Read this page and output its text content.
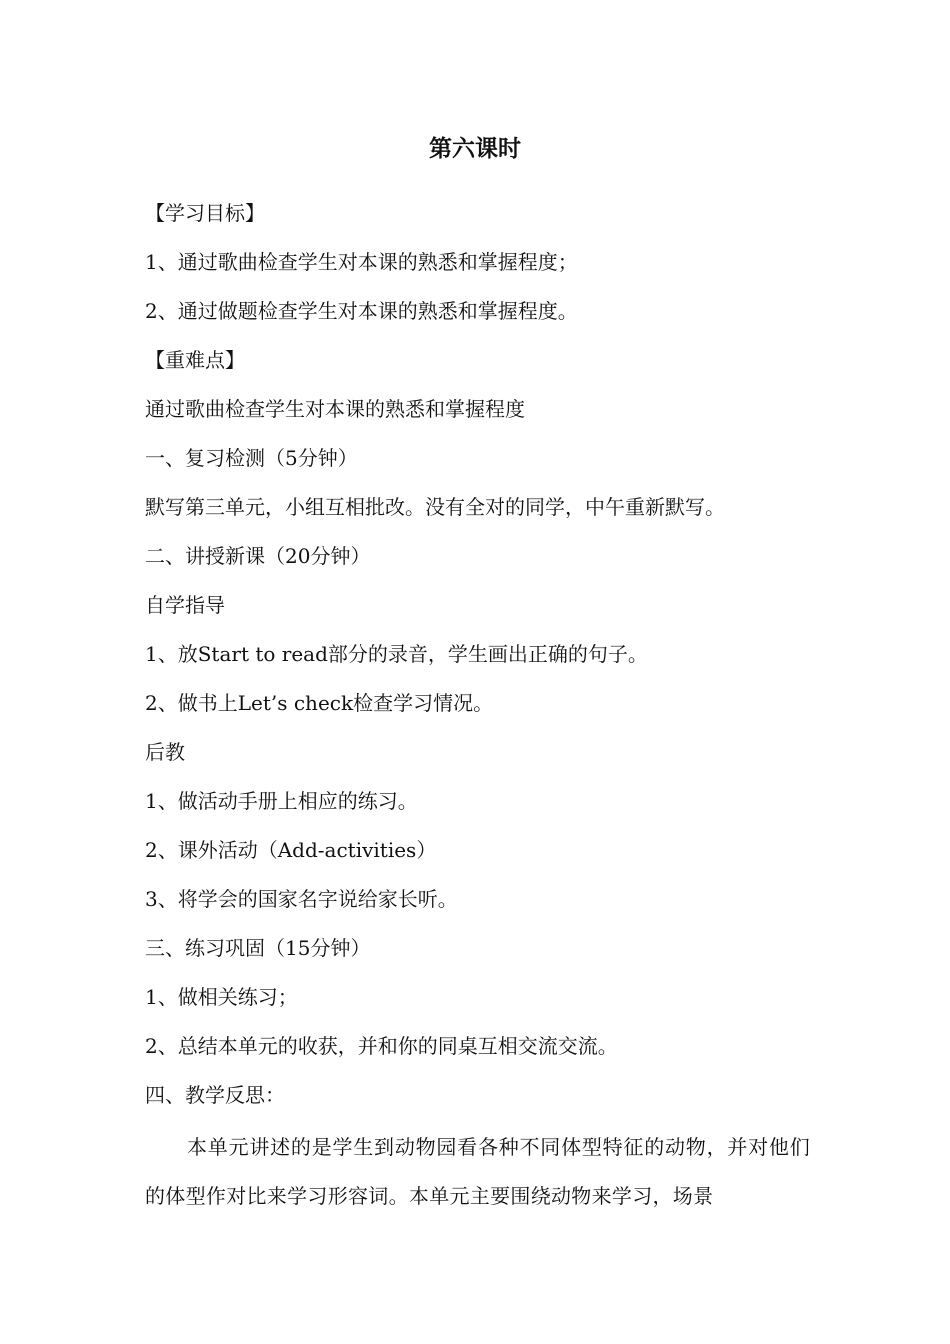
第六课时
【学习目标】
1、通过歌曲检查学生对本课的熟悉和掌握程度；
2、通过做题检查学生对本课的熟悉和掌握程度。
【重难点】
通过歌曲检查学生对本课的熟悉和掌握程度
一、复习检测（5分钟）
默写第三单元，小组互相批改。没有全对的同学，中午重新默写。
二、讲授新课（20分钟）
自学指导
1、放Start to read部分的录音，学生画出正确的句子。
2、做书上Let’s check检查学习情况。
后教
1、做活动手册上相应的练习。
2、课外活动（Add-activities）
3、将学会的国家名字说给家长听。
三、练习巩固（15分钟）
1、做相关练习；
2、总结本单元的收获，并和你的同桌互相交流交流。
四、教学反思：

本单元讲述的是学生到动物园看各种不同体型特征的动物，并对他们的体型作对比来学习形容词。本单元主要围绕动物来学习，场景
